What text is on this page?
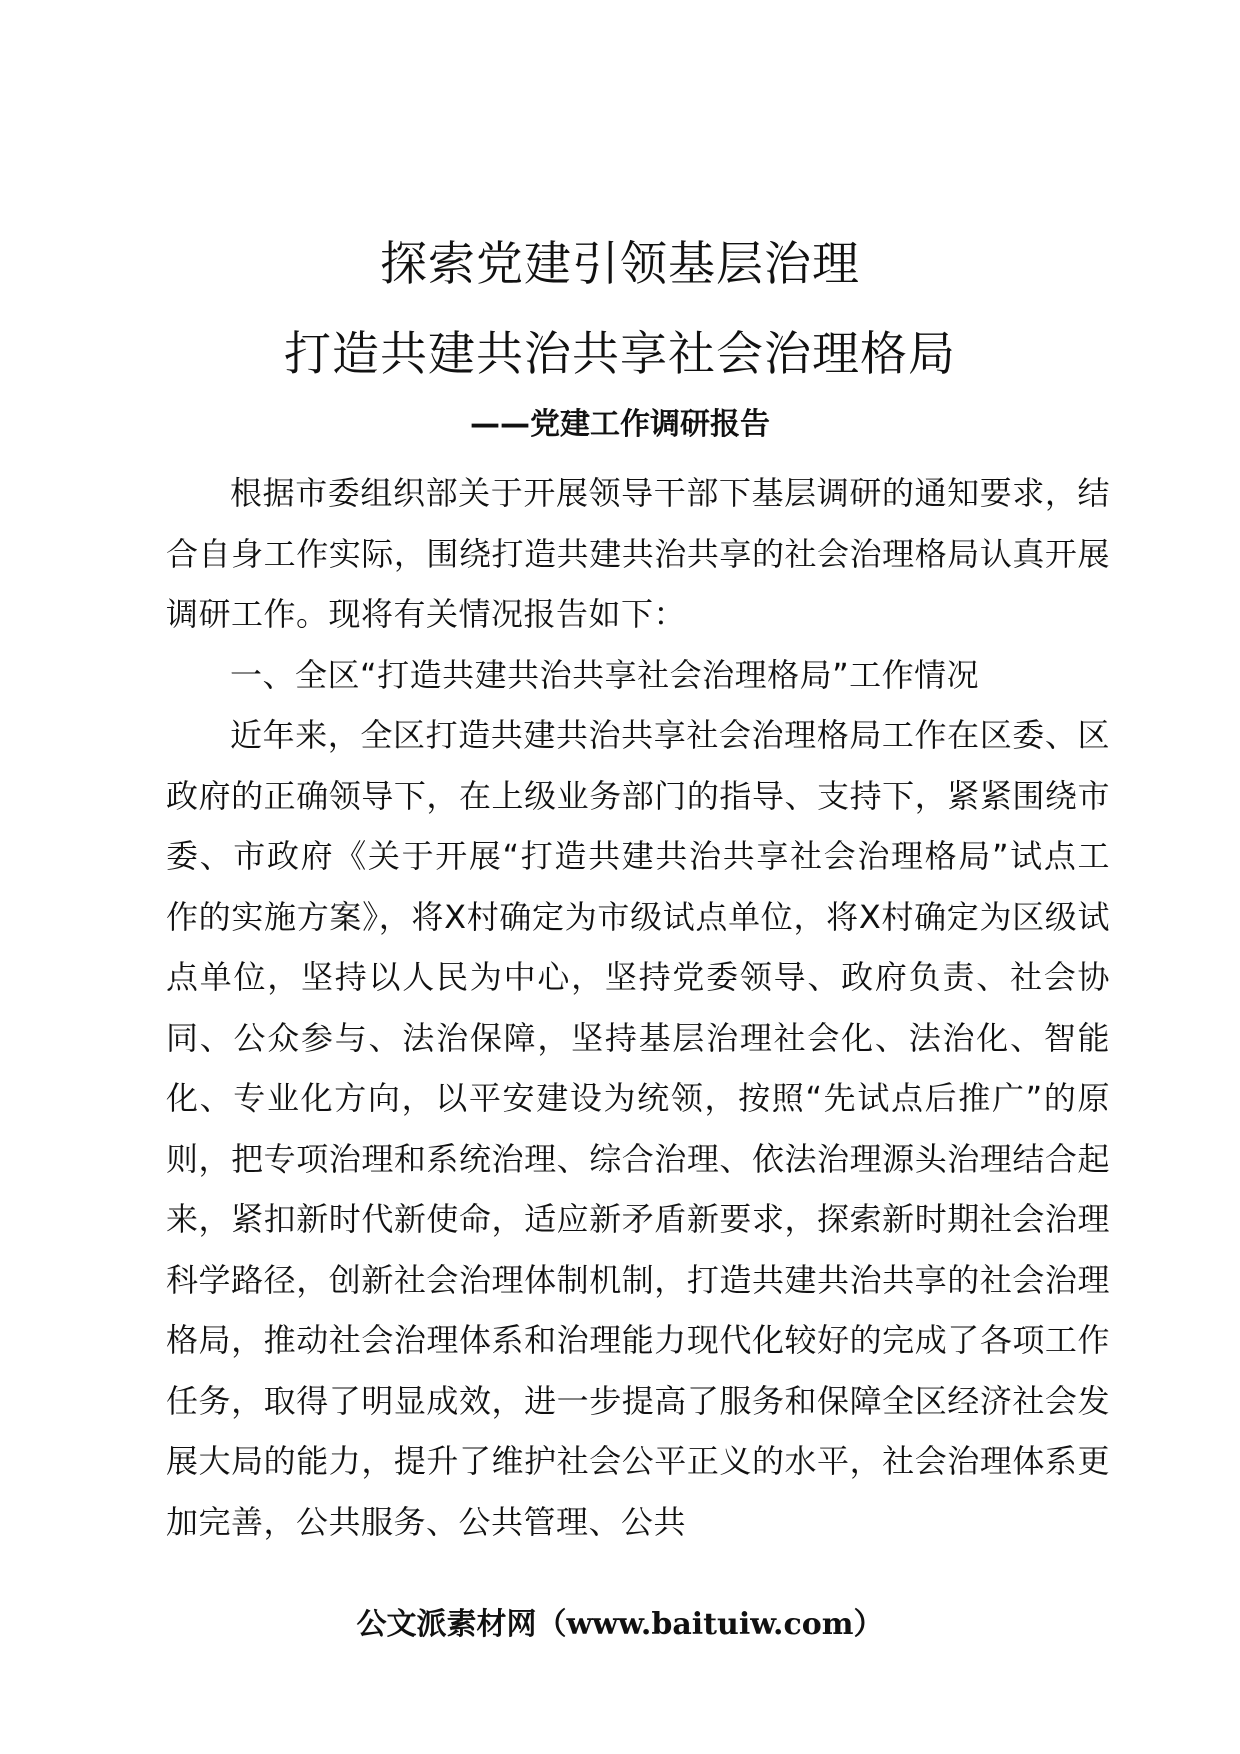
探索党建引领基层治理
打造共建共治共享社会治理格局
——党建工作调研报告

根据市委组织部关于开展领导干部下基层调研的通知要求，结合自身工作实际，围绕打造共建共治共享的社会治理格局认真开展调研工作。现将有关情况报告如下：

一、全区“打造共建共治共享社会治理格局”工作情况

近年来，全区打造共建共治共享社会治理格局工作在区委、区政府的正确领导下，在上级业务部门的指导、支持下，紧紧围绕市委、市政府《关于开展“打造共建共治共享社会治理格局”试点工作的实施方案》，将X村确定为市级试点单位，将X村确定为区级试点单位，坚持以人民为中心，坚持党委领导、政府负责、社会协同、公众参与、法治保障，坚持基层治理社会化、法治化、智能化、专业化方向，以平安建设为统领，按照“先试点后推广”的原则，把专项治理和系统治理、综合治理、依法治理源头治理结合起来，紧扣新时代新使命，适应新矛盾新要求，探索新时期社会治理科学路径，创新社会治理体制机制，打造共建共治共享的社会治理格局，推动社会治理体系和治理能力现代化较好的完成了各项工作任务，取得了明显成效，进一步提高了服务和保障全区经济社会发展大局的能力，提升了维护社会公平正义的水平，社会治理体系更加完善，公共服务、公共管理、公共

公文派素材网（www.baituiw.com）
